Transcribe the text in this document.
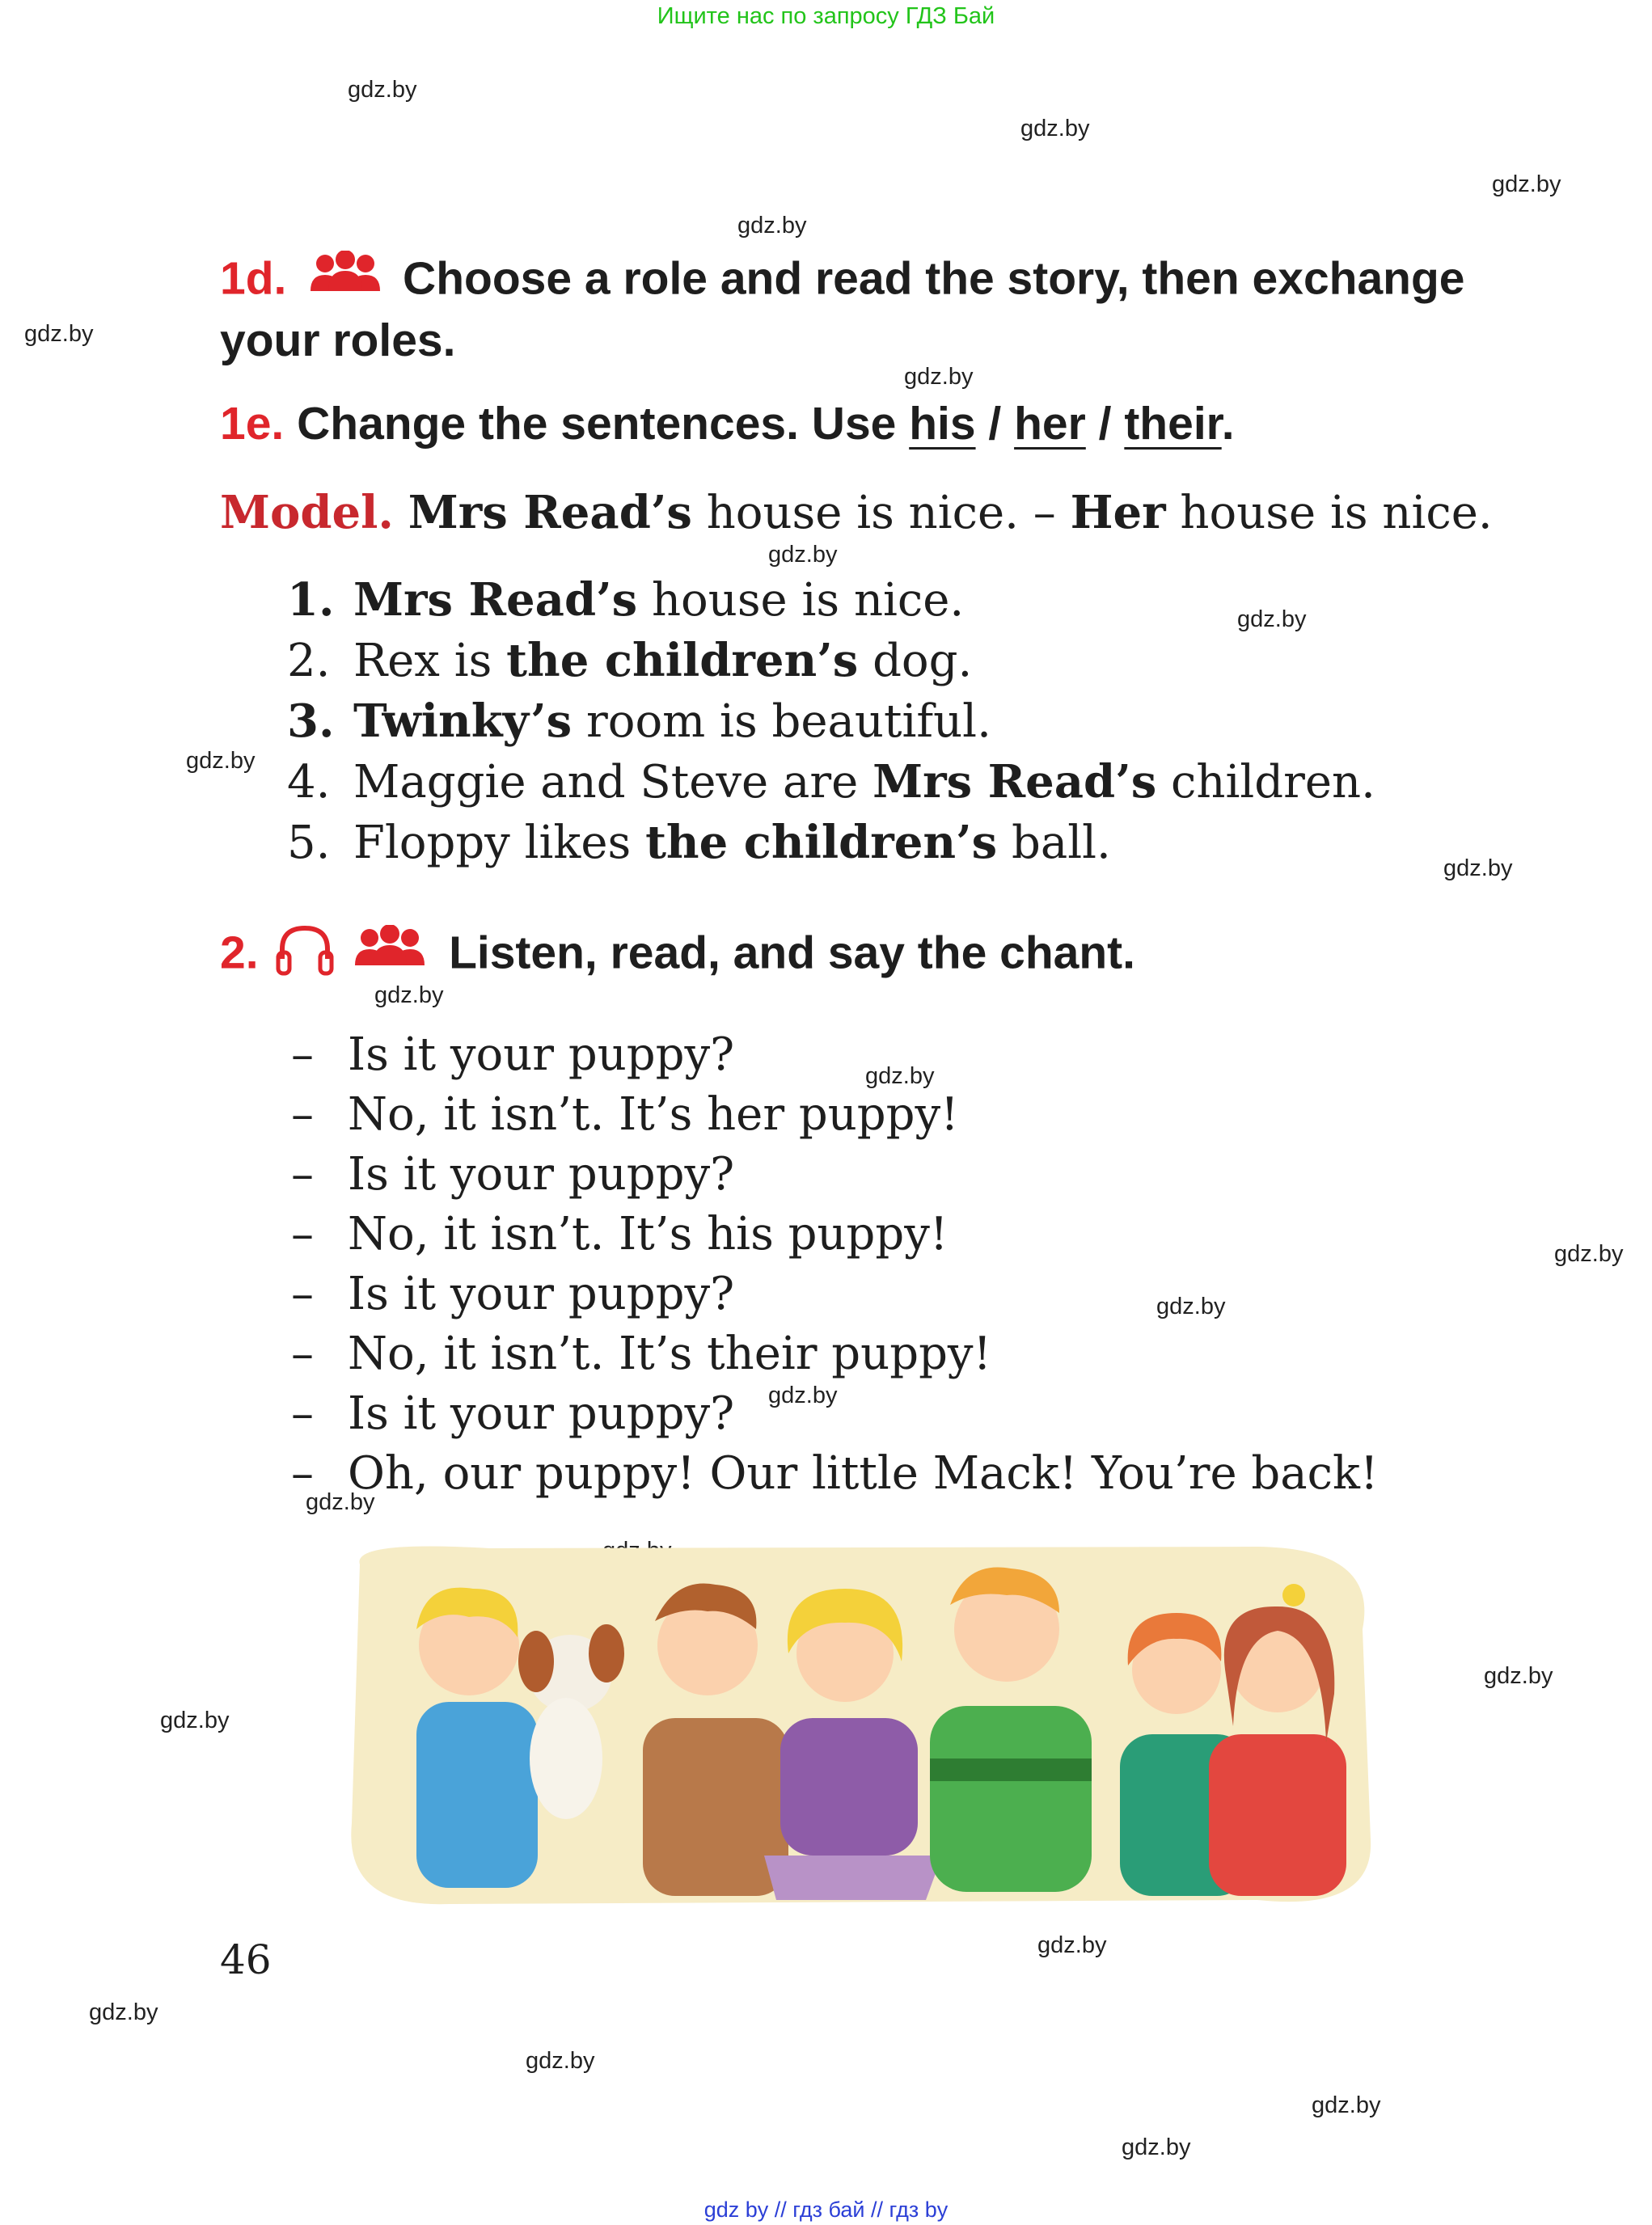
Ищите нас по запросу ГДЗ Бай
gdz.by
gdz.by
gdz.by
gdz.by
gdz.by
gdz.by
gdz.by
gdz.by
gdz.by
gdz.by
gdz.by
gdz.by
gdz.by
gdz.by
gdz.by
gdz.by
gdz.by
gdz.by
gdz.by
gdz.by
gdz.by
gdz.by
gdz.by
1d.	Choose a role and read the story, then exchange
your roles.
1e. Change the sentences. Use his / her / their.
Model. Mrs Read’s house is nice. – Her house is nice.
1. Mrs Read’s house is nice.
2. Rex is the children’s dog.
3. Twinky’s room is beautiful.
4. Maggie and Steve are Mrs Read’s children.
5. Floppy likes the children’s ball.
2.	Listen, read, and say the chant.
– Is it your puppy?
– No, it isn’t. It’s her puppy!
– Is it your puppy?
– No, it isn’t. It’s his puppy!
– Is it your puppy?
– No, it isn’t. It’s their puppy!
– Is it your puppy?
– Oh, our puppy! Our little Mack! You’re back!
46
gdz by // гдз бай // гдз by
